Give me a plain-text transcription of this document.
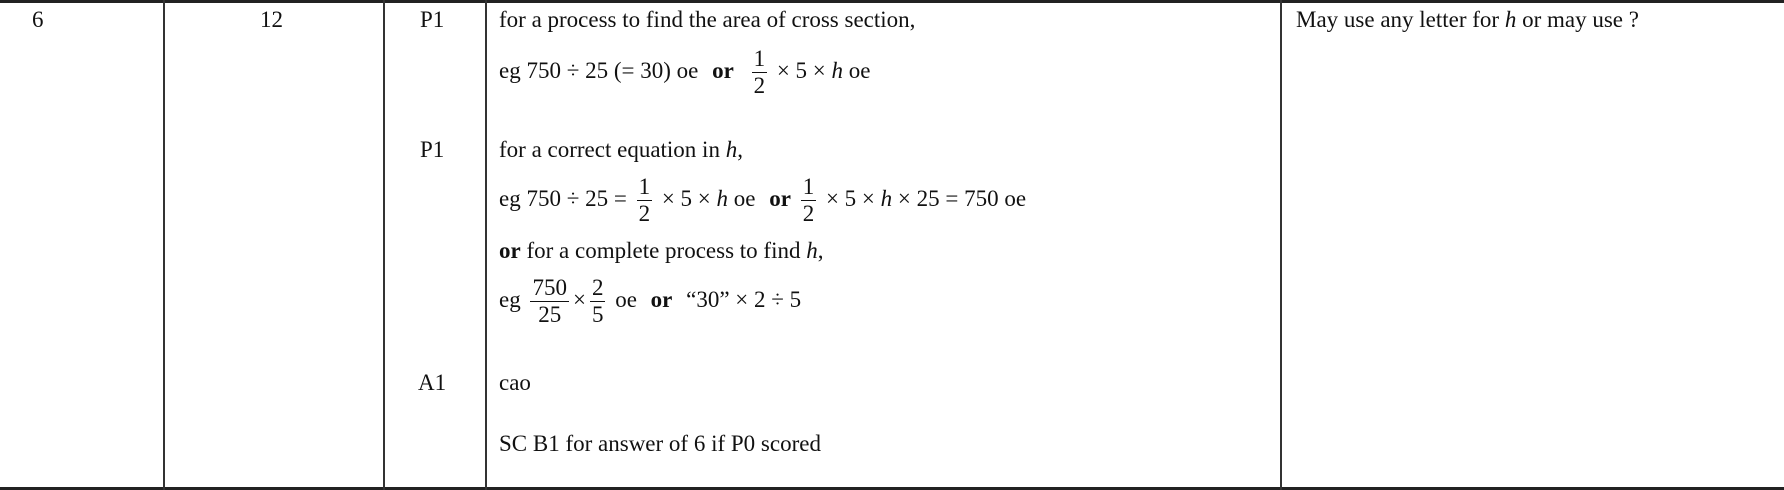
6	12	P1
P1
A1
for a process to find the area of cross section,
eg 750 ÷ 25 (= 30) oe or $\frac{1}{2} \times 5 \times h$ oe
for a correct equation in h,
eg $750 \div 25 = \frac{1}{2} \times 5 \times h$ oe or $\frac{1}{2} \times 5 \times h \times 25 = 750$ oe
or for a complete process to find h,
eg $\frac{750}{25} \times \frac{2}{5}$ oe or “30” × 2 ÷ 5
cao
SC B1 for answer of 6 if P0 scored
May use any letter for h or may use ?
